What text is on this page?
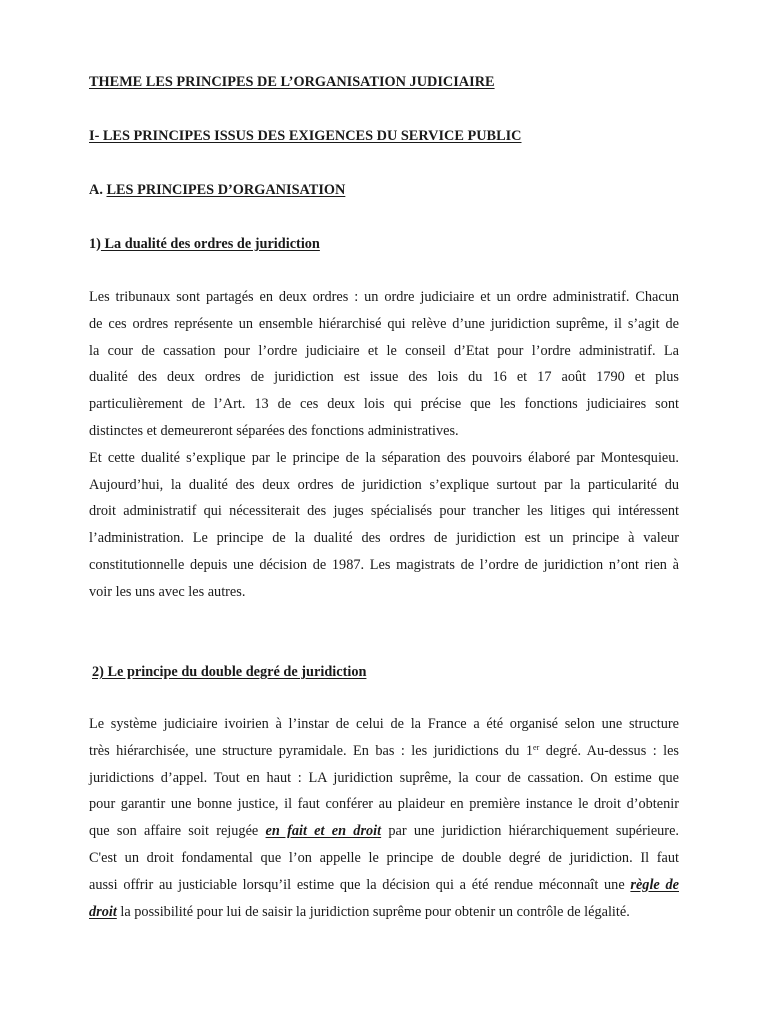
THEME LES PRINCIPES DE L’ORGANISATION JUDICIAIRE

I- LES PRINCIPES ISSUS DES EXIGENCES DU SERVICE PUBLIC

A. LES PRINCIPES D’ORGANISATION

1) La dualité des ordres de juridiction

Les tribunaux sont partagés en deux ordres : un ordre judiciaire et un ordre administratif. Chacun
de ces ordres représente un ensemble hiérarchisé qui relève d’une juridiction suprême, il s’agit de
la cour de cassation pour l’ordre judiciaire et le conseil d’Etat pour l’ordre administratif. La
dualité des deux ordres de juridiction est issue des lois du 16 et 17 août 1790 et plus
particulièrement de l’Art. 13 de ces deux lois qui précise que les fonctions judiciaires sont
distinctes et demeureront séparées des fonctions administratives.
Et cette dualité s’explique par le principe de la séparation des pouvoirs élaboré par Montesquieu.
Aujourd’hui, la dualité des deux ordres de juridiction s’explique surtout par la particularité du
droit administratif qui nécessiterait des juges spécialisés pour trancher les litiges qui intéressent
l’administration. Le principe de la dualité des ordres de juridiction est un principe à valeur
constitutionnelle depuis une décision de 1987. Les magistrats de l’ordre de juridiction n’ont rien à
voir les uns avec les autres.

2) Le principe du double degré de juridiction

Le système judiciaire ivoirien à l’instar de celui de la France a été organisé selon une structure
très hiérarchisée, une structure pyramidale. En bas : les juridictions du 1er degré. Au-dessus : les
juridictions d’appel. Tout en haut : LA juridiction suprême, la cour de cassation. On estime que
pour garantir une bonne justice, il faut conférer au plaideur en première instance le droit d’obtenir
que son affaire soit rejugée en fait et en droit par une juridiction hiérarchiquement supérieure.
C'est un droit fondamental que l’on appelle le principe de double degré de juridiction. Il faut
aussi offrir au justiciable lorsqu’il estime que la décision qui a été rendue méconnaît une règle de
droit la possibilité pour lui de saisir la juridiction suprême pour obtenir un contrôle de légalité.
